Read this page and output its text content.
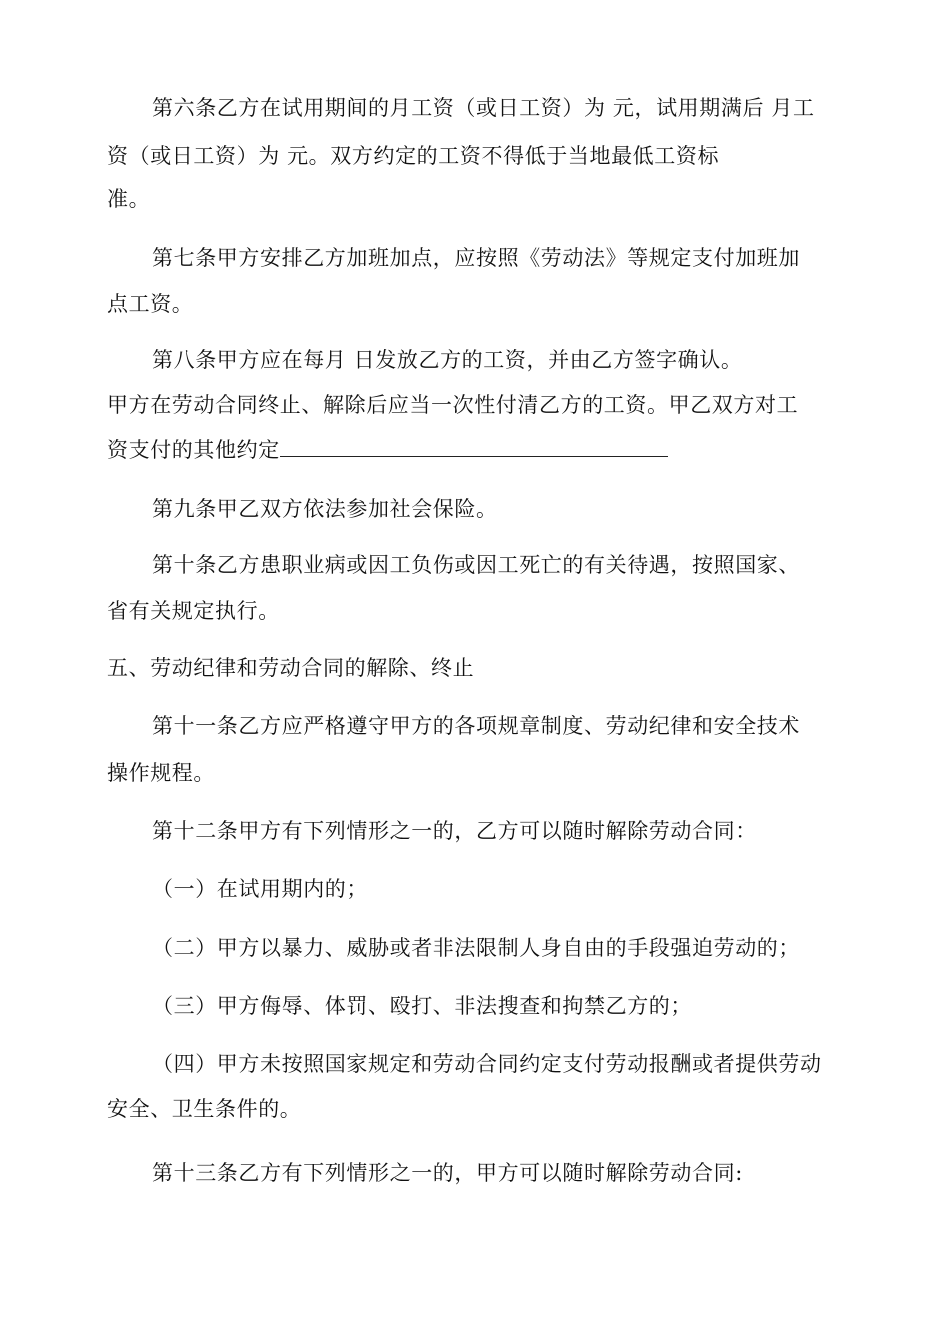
第六条乙方在试用期间的月工资（或日工资）为 元，试用期满后 月工
资（或日工资）为 元。双方约定的工资不得低于当地最低工资标
准。
第七条甲方安排乙方加班加点，应按照《劳动法》等规定支付加班加
点工资。
第八条甲方应在每月 日发放乙方的工资，并由乙方签字确认。
甲方在劳动合同终止、解除后应当一次性付清乙方的工资。甲乙双方对工
资支付的其他约定
第九条甲乙双方依法参加社会保险。
第十条乙方患职业病或因工负伤或因工死亡的有关待遇，按照国家、
省有关规定执行。
五、劳动纪律和劳动合同的解除、终止
第十一条乙方应严格遵守甲方的各项规章制度、劳动纪律和安全技术
操作规程。
第十二条甲方有下列情形之一的，乙方可以随时解除劳动合同：
（一）在试用期内的；
（二）甲方以暴力、威胁或者非法限制人身自由的手段强迫劳动的；
（三）甲方侮辱、体罚、殴打、非法搜查和拘禁乙方的；
（四）甲方未按照国家规定和劳动合同约定支付劳动报酬或者提供劳动
安全、卫生条件的。
第十三条乙方有下列情形之一的，甲方可以随时解除劳动合同:
